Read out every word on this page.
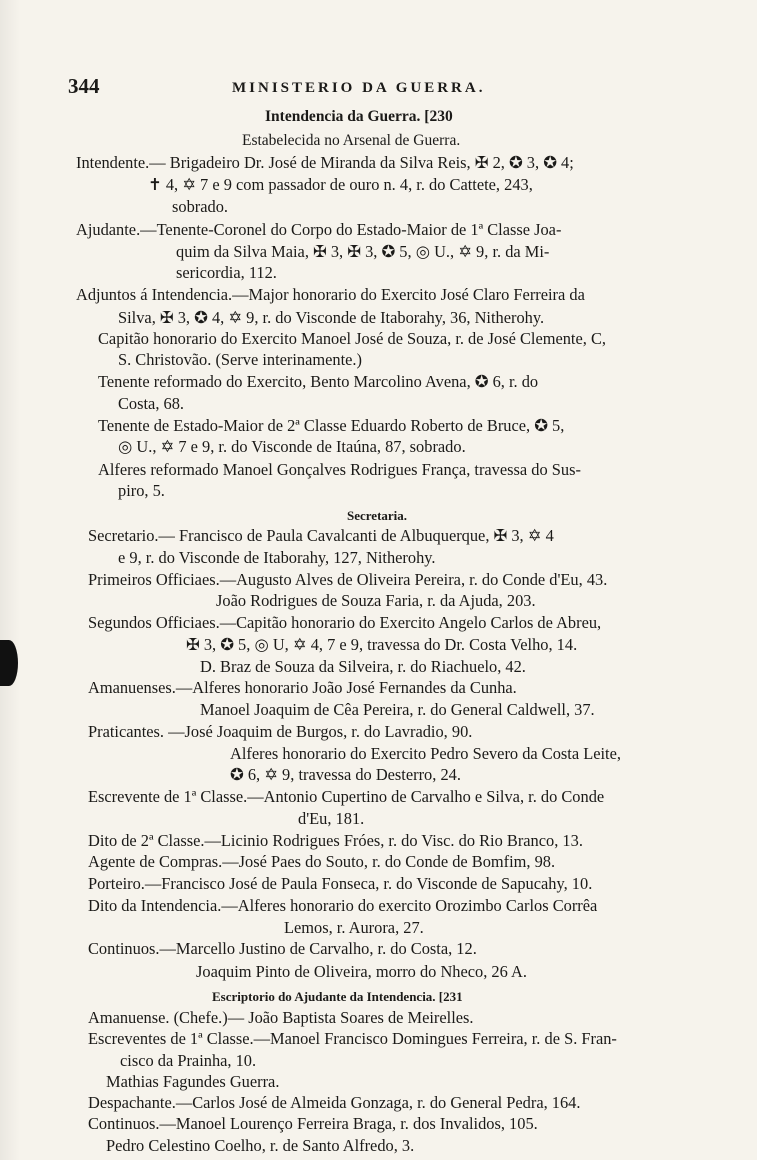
344	MINISTERIO DA GUERRA.
Intendencia da Guerra. [230
Estabelecida no Arsenal de Guerra.
Intendente.— Brigadeiro Dr. José de Miranda da Silva Reis, ✠ 2, ✪ 3, ✪ 4;
✝ 4, ✡ 7 e 9 com passador de ouro n. 4, r. do Cattete, 243,
sobrado.
Ajudante.—Tenente-Coronel do Corpo do Estado-Maior de 1ª Classe Joa-
quim da Silva Maia, ✠ 3, ✠ 3, ✪ 5, ◎ U., ✡ 9, r. da Mi-
sericordia, 112.
Adjuntos á Intendencia.—Major honorario do Exercito José Claro Ferreira da
Silva, ✠ 3, ✪ 4, ✡ 9, r. do Visconde de Itaborahy, 36, Nitherohy.
Capitão honorario do Exercito Manoel José de Souza, r. de José Clemente, C,
S. Christovão. (Serve interinamente.)
Tenente reformado do Exercito, Bento Marcolino Avena, ✪ 6, r. do
Costa, 68.
Tenente de Estado-Maior de 2ª Classe Eduardo Roberto de Bruce, ✪ 5,
◎ U., ✡ 7 e 9, r. do Visconde de Itaúna, 87, sobrado.
Alferes reformado Manoel Gonçalves Rodrigues França, travessa do Sus-
piro, 5.
Secretaria.
Secretario.— Francisco de Paula Cavalcanti de Albuquerque, ✠ 3, ✡ 4
e 9, r. do Visconde de Itaborahy, 127, Nitherohy.
Primeiros Officiaes.—Augusto Alves de Oliveira Pereira, r. do Conde d'Eu, 43.
João Rodrigues de Souza Faria, r. da Ajuda, 203.
Segundos Officiaes.—Capitão honorario do Exercito Angelo Carlos de Abreu,
✠ 3, ✪ 5, ◎ U, ✡ 4, 7 e 9, travessa do Dr. Costa Velho, 14.
D. Braz de Souza da Silveira, r. do Riachuelo, 42.
Amanuenses.—Alferes honorario João José Fernandes da Cunha.
Manoel Joaquim de Cêa Pereira, r. do General Caldwell, 37.
Praticantes. —José Joaquim de Burgos, r. do Lavradio, 90.
Alferes honorario do Exercito Pedro Severo da Costa Leite,
✪ 6, ✡ 9, travessa do Desterro, 24.
Escrevente de 1ª Classe.—Antonio Cupertino de Carvalho e Silva, r. do Conde
d'Eu, 181.
Dito de 2ª Classe.—Licinio Rodrigues Fróes, r. do Visc. do Rio Branco, 13.
Agente de Compras.—José Paes do Souto, r. do Conde de Bomfim, 98.
Porteiro.—Francisco José de Paula Fonseca, r. do Visconde de Sapucahy, 10.
Dito da Intendencia.—Alferes honorario do exercito Orozimbo Carlos Corrêa
Lemos, r. Aurora, 27.
Continuos.—Marcello Justino de Carvalho, r. do Costa, 12.
Joaquim Pinto de Oliveira, morro do Nheco, 26 A.
Escriptorio do Ajudante da Intendencia. [231
Amanuense. (Chefe.)— João Baptista Soares de Meirelles.
Escreventes de 1ª Classe.—Manoel Francisco Domingues Ferreira, r. de S. Fran-
cisco da Prainha, 10.
Mathias Fagundes Guerra.
Despachante.—Carlos José de Almeida Gonzaga, r. do General Pedra, 164.
Continuos.—Manoel Lourenço Ferreira Braga, r. dos Invalidos, 105.
Pedro Celestino Coelho, r. de Santo Alfredo, 3.
